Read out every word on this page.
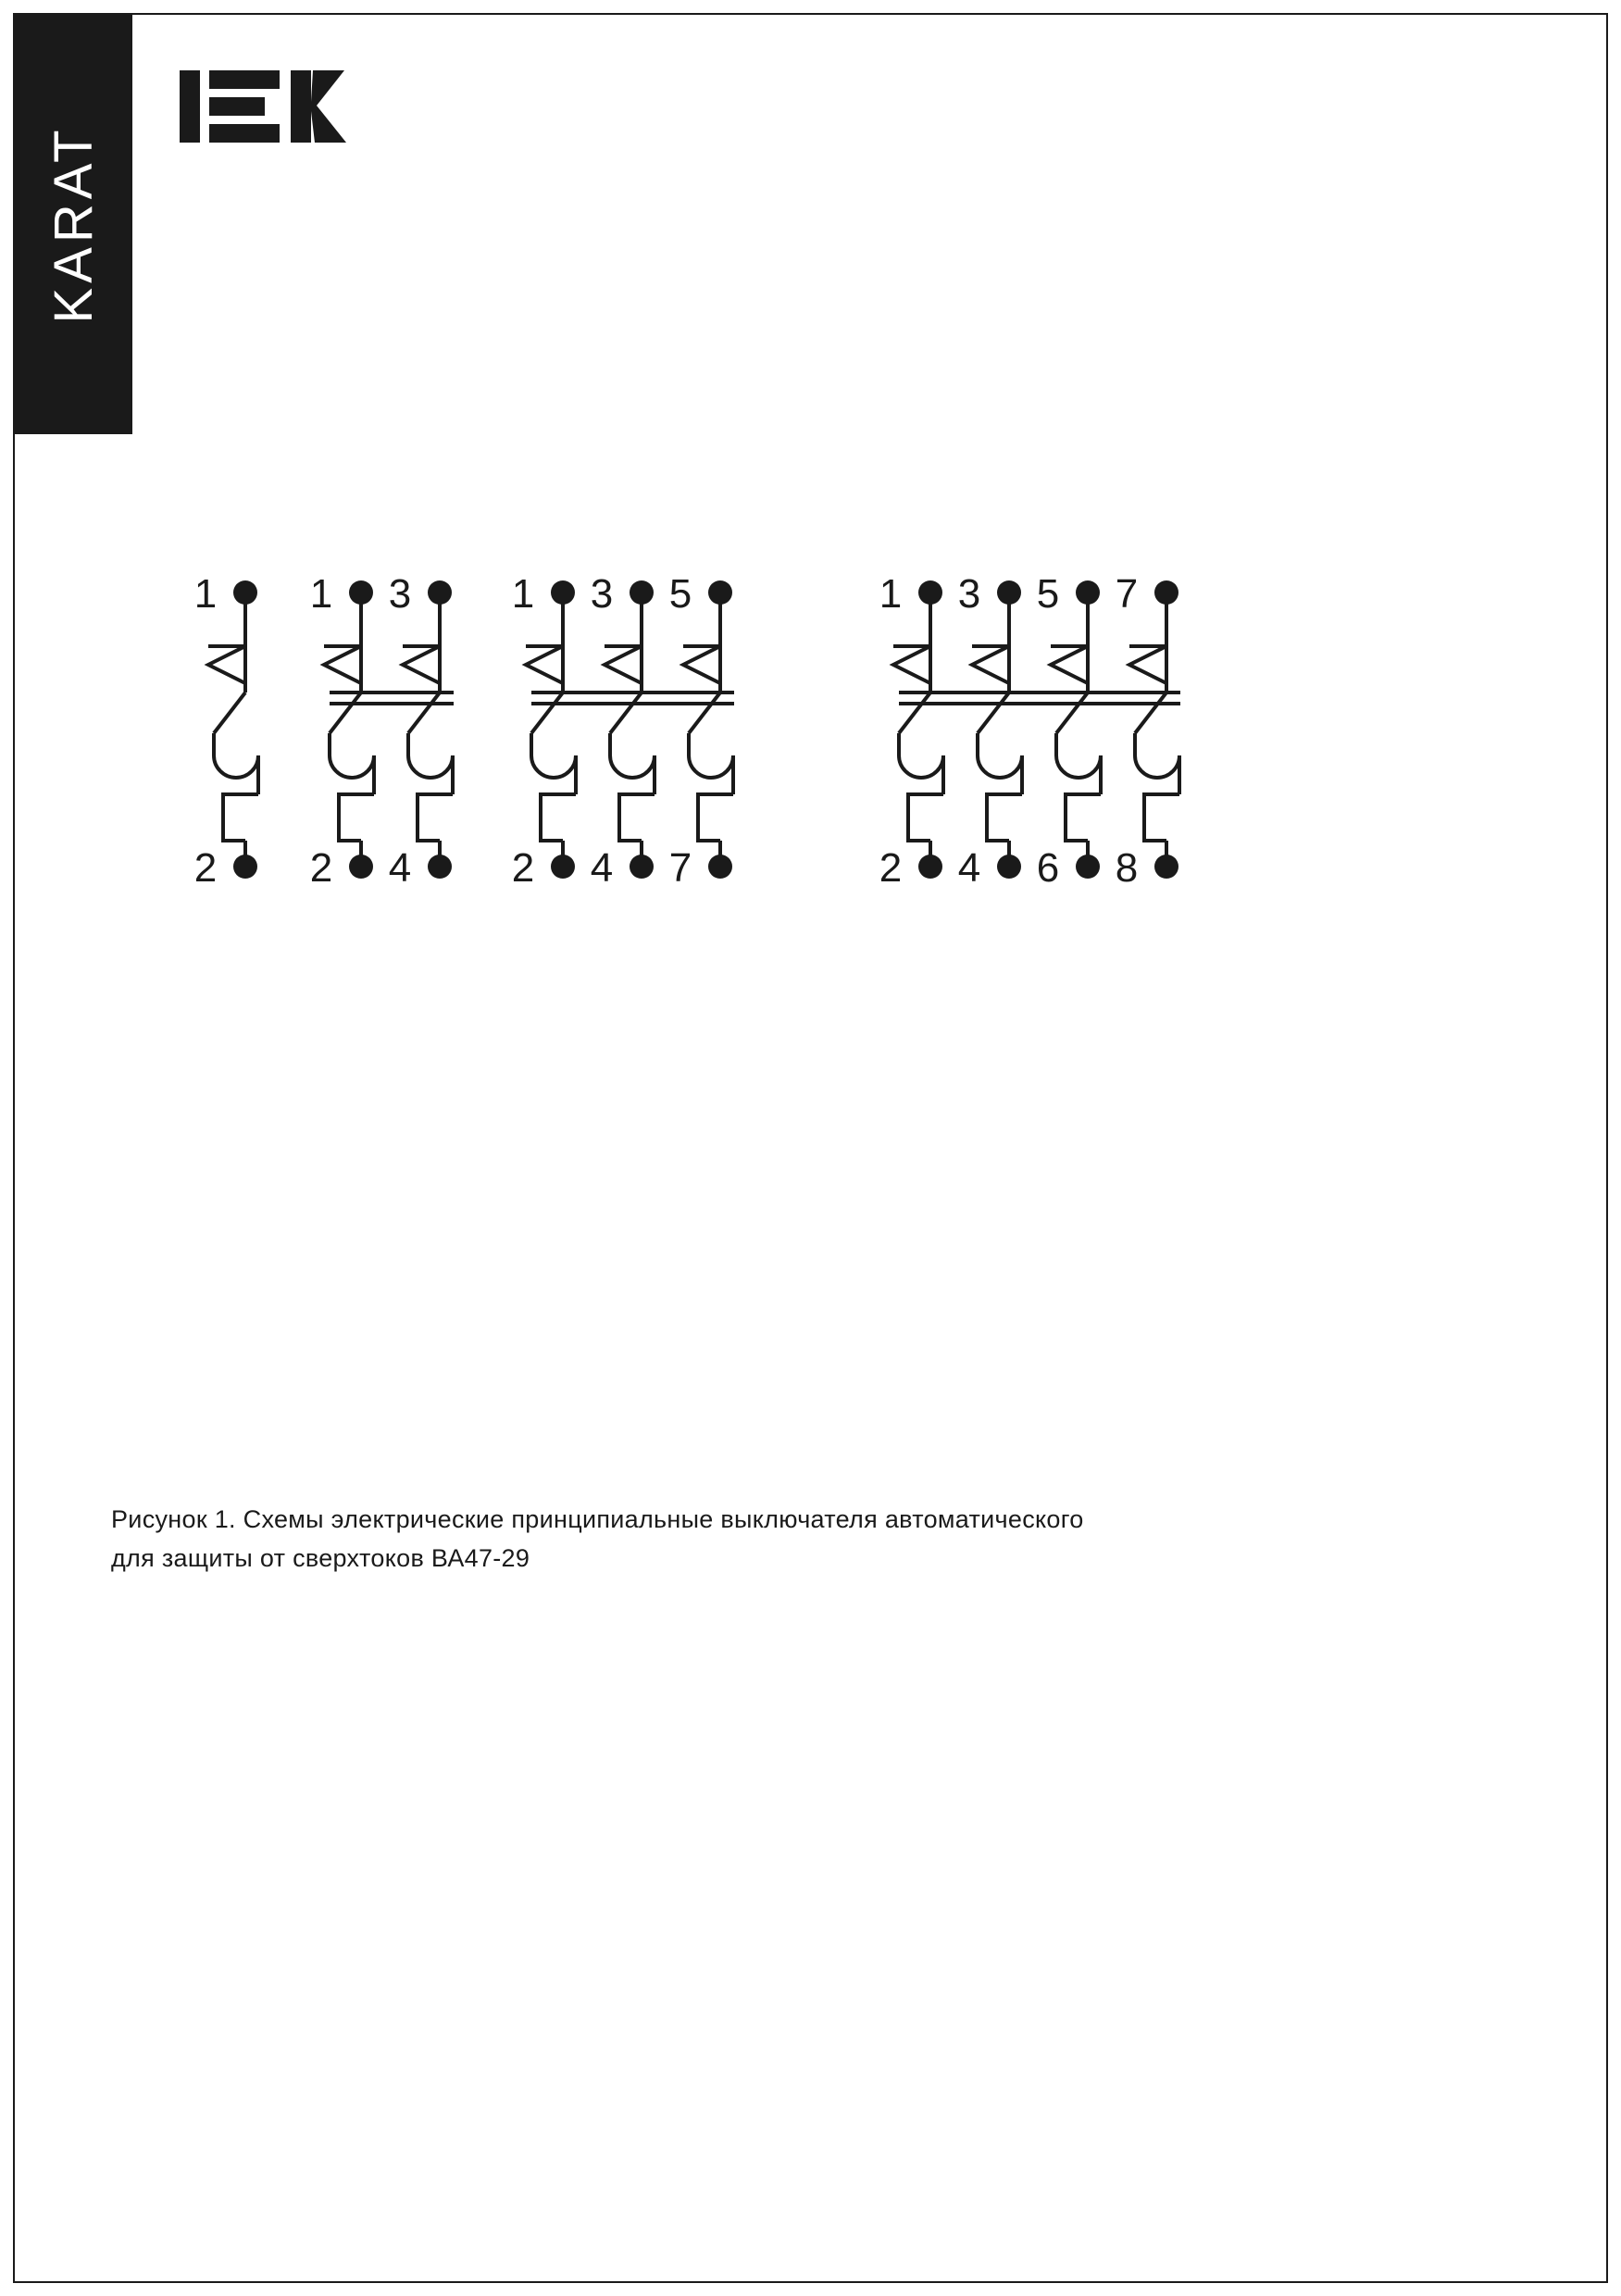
KARAT
1
2
1 3
2 4
1 3 5
2 4 7
1 3 5 7
2 4 6 8
Рисунок 1. Схемы электрические принципиальные выключателя автоматического
для защиты от сверхтоков ВА47-29
